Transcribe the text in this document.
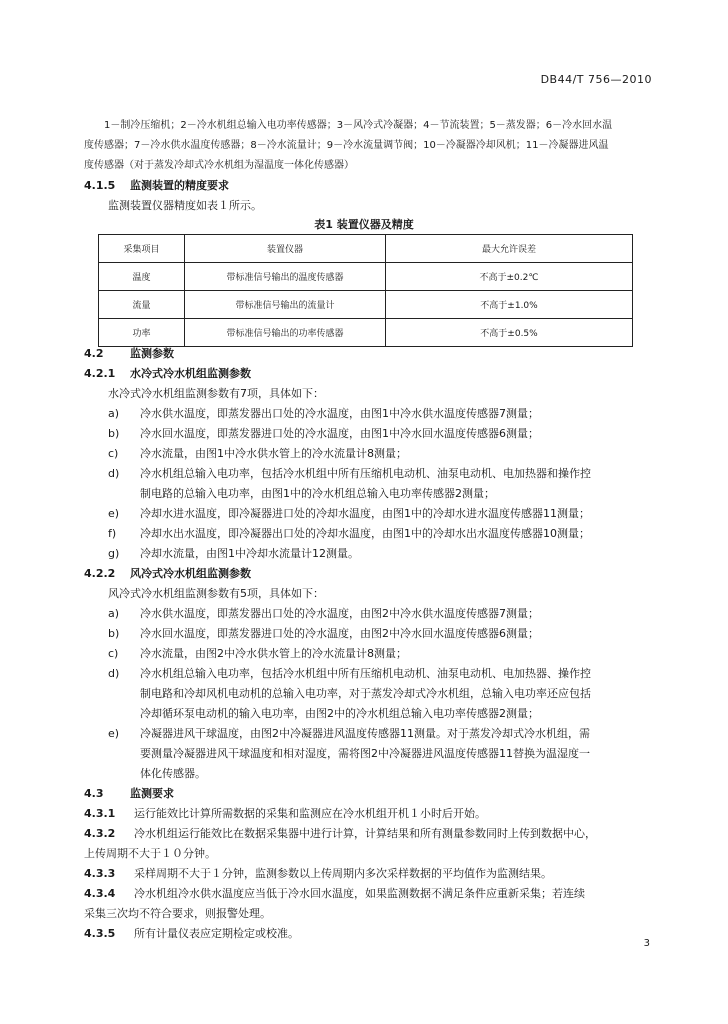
DB44/T 756—2010

1－制冷压缩机；2－冷水机组总输入电功率传感器；3－风冷式冷凝器；4－节流装置；5－蒸发器；6－冷水回水温

度传感器；7－冷水供水温度传感器；8－冷水流量计；9－冷水流量调节阀；10－冷凝器冷却风机；11－冷凝器进风温

度传感器（对于蒸发冷却式冷水机组为湿温度一体化传感器）

4.1.5	监测装置的精度要求
监测装置仪器精度如表１所示。
表1 装置仪器及精度
采集项目	装置仪器	最大允许误差
温度	带标准信号输出的温度传感器	不高于±0.2℃
流量	带标准信号输出的流量计	不高于±1.0%
功率	带标准信号输出的功率传感器	不高于±0.5%
4.2	监测参数
4.2.1	水冷式冷水机组监测参数
水冷式冷水机组监测参数有7项，具体如下：
a)	冷水供水温度，即蒸发器出口处的冷水温度，由图1中冷水供水温度传感器7测量；
b)	冷水回水温度，即蒸发器进口处的冷水温度，由图1中冷水回水温度传感器6测量；
c)	冷水流量，由图1中冷水供水管上的冷水流量计8测量；
d)	冷水机组总输入电功率，包括冷水机组中所有压缩机电动机、油泵电动机、电加热器和操作控
制电路的总输入电功率，由图1中的冷水机组总输入电功率传感器2测量；
e)	冷却水进水温度，即冷凝器进口处的冷却水温度，由图1中的冷却水进水温度传感器11测量；
f)	冷却水出水温度，即冷凝器出口处的冷却水温度，由图1中的冷却水出水温度传感器10测量；
g)	冷却水流量，由图1中冷却水流量计12测量。
4.2.2	风冷式冷水机组监测参数
风冷式冷水机组监测参数有5项，具体如下：
a)	冷水供水温度，即蒸发器出口处的冷水温度，由图2中冷水供水温度传感器7测量；
b)	冷水回水温度，即蒸发器进口处的冷水温度，由图2中冷水回水温度传感器6测量；
c)	冷水流量，由图2中冷水供水管上的冷水流量计8测量；
d)	冷水机组总输入电功率，包括冷水机组中所有压缩机电动机、油泵电动机、电加热器、操作控
制电路和冷却风机电动机的总输入电功率，对于蒸发冷却式冷水机组，总输入电功率还应包括
冷却循环泵电动机的输入电功率，由图2中的冷水机组总输入电功率传感器2测量；
e)	冷凝器进风干球温度，由图2中冷凝器进风温度传感器11测量。对于蒸发冷却式冷水机组，需
要测量冷凝器进风干球温度和相对湿度，需将图2中冷凝器进风温度传感器11替换为温湿度一
体化传感器。
4.3	监测要求
4.3.1	运行能效比计算所需数据的采集和监测应在冷水机组开机１小时后开始。
4.3.2	冷水机组运行能效比在数据采集器中进行计算，计算结果和所有测量参数同时上传到数据中心，
上传周期不大于１０分钟。
4.3.3	采样周期不大于１分钟，监测参数以上传周期内多次采样数据的平均值作为监测结果。
4.3.4	冷水机组冷水供水温度应当低于冷水回水温度，如果监测数据不满足条件应重新采集；若连续
采集三次均不符合要求，则报警处理。
4.3.5	所有计量仪表应定期检定或校准。
3
